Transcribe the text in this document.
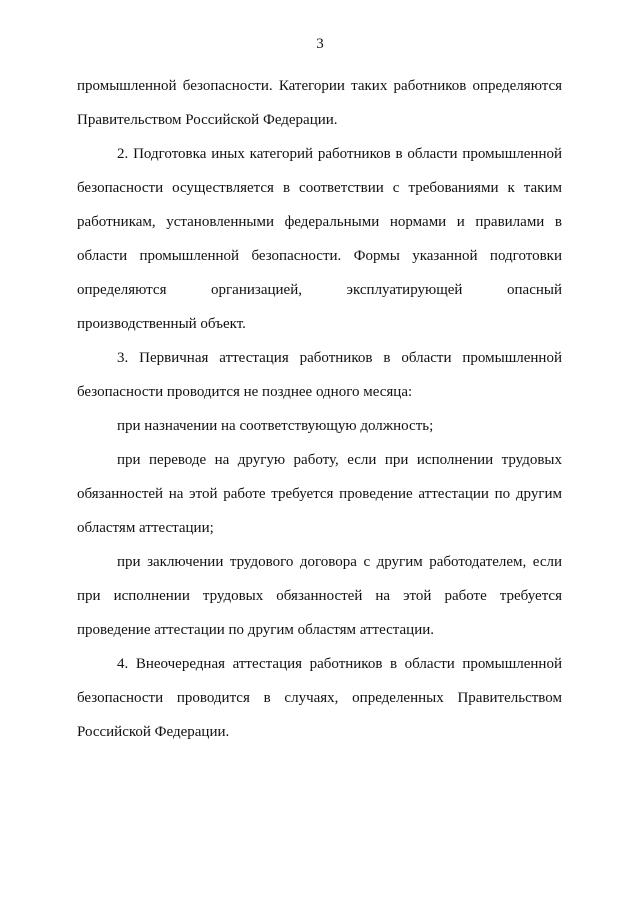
3

промышленной безопасности. Категории таких работников определяются Правительством Российской Федерации.

2. Подготовка иных категорий работников в области промышленной безопасности осуществляется в соответствии с требованиями к таким работникам, установленными федеральными нормами и правилами в области промышленной безопасности. Формы указанной подготовки определяются организацией, эксплуатирующей опасный производственный объект.

3. Первичная аттестация работников в области промышленной безопасности проводится не позднее одного месяца:

при назначении на соответствующую должность;

при переводе на другую работу, если при исполнении трудовых обязанностей на этой работе требуется проведение аттестации по другим областям аттестации;

при заключении трудового договора с другим работодателем, если при исполнении трудовых обязанностей на этой работе требуется проведение аттестации по другим областям аттестации.

4. Внеочередная аттестация работников в области промышленной безопасности проводится в случаях, определенных Правительством Российской Федерации.
